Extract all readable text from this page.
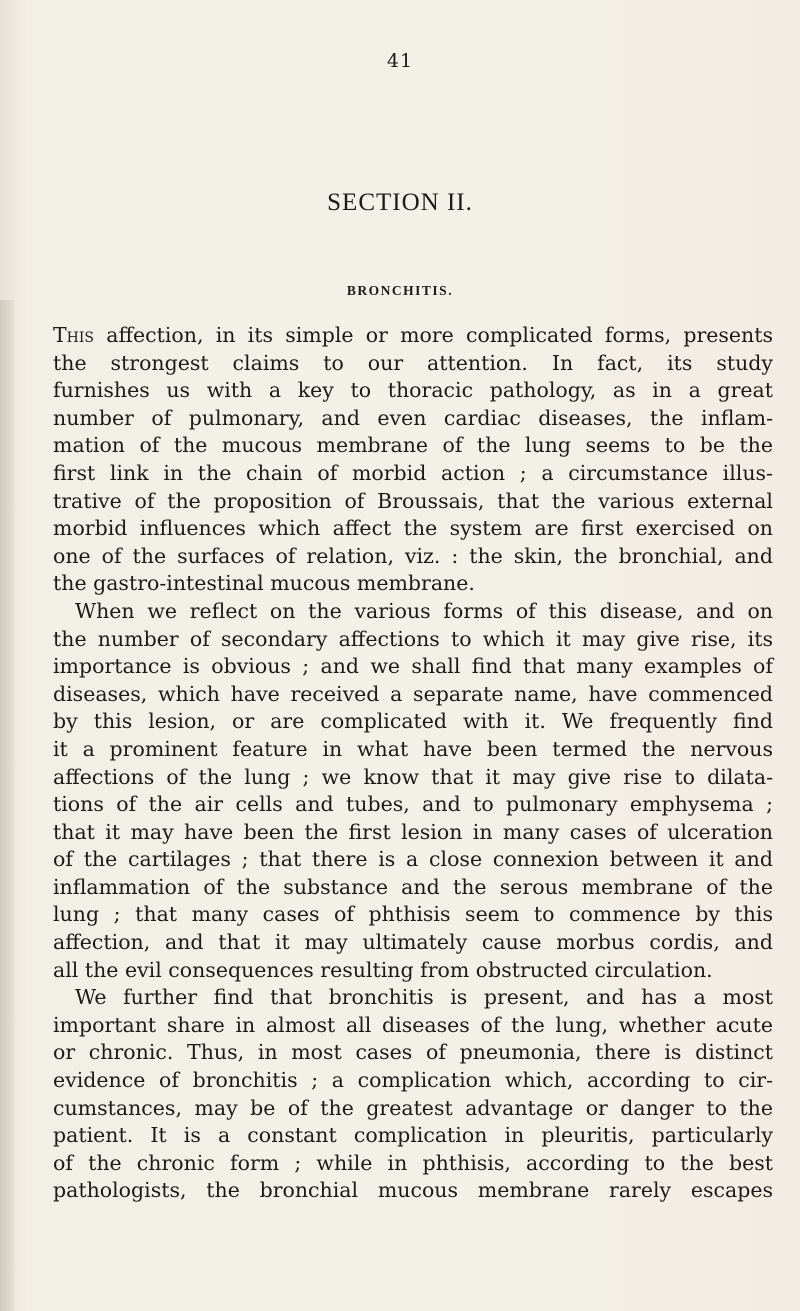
41
SECTION II.
BRONCHITIS.
This affection, in its simple or more complicated forms, presents
the strongest claims to our attention. In fact, its study
furnishes us with a key to thoracic pathology, as in a great
number of pulmonary, and even cardiac diseases, the inflam-
mation of the mucous membrane of the lung seems to be the
first link in the chain of morbid action ; a circumstance illus-
trative of the proposition of Broussais, that the various external
morbid influences which affect the system are first exercised on
one of the surfaces of relation, viz. : the skin, the bronchial, and
the gastro-intestinal mucous membrane.
When we reflect on the various forms of this disease, and on
the number of secondary affections to which it may give rise, its
importance is obvious ; and we shall find that many examples of
diseases, which have received a separate name, have commenced
by this lesion, or are complicated with it. We frequently find
it a prominent feature in what have been termed the nervous
affections of the lung ; we know that it may give rise to dilata-
tions of the air cells and tubes, and to pulmonary emphysema ;
that it may have been the first lesion in many cases of ulceration
of the cartilages ; that there is a close connexion between it and
inflammation of the substance and the serous membrane of the
lung ; that many cases of phthisis seem to commence by this
affection, and that it may ultimately cause morbus cordis, and
all the evil consequences resulting from obstructed circulation.
We further find that bronchitis is present, and has a most
important share in almost all diseases of the lung, whether acute
or chronic. Thus, in most cases of pneumonia, there is distinct
evidence of bronchitis ; a complication which, according to cir-
cumstances, may be of the greatest advantage or danger to the
patient. It is a constant complication in pleuritis, particularly
of the chronic form ; while in phthisis, according to the best
pathologists, the bronchial mucous membrane rarely escapes
